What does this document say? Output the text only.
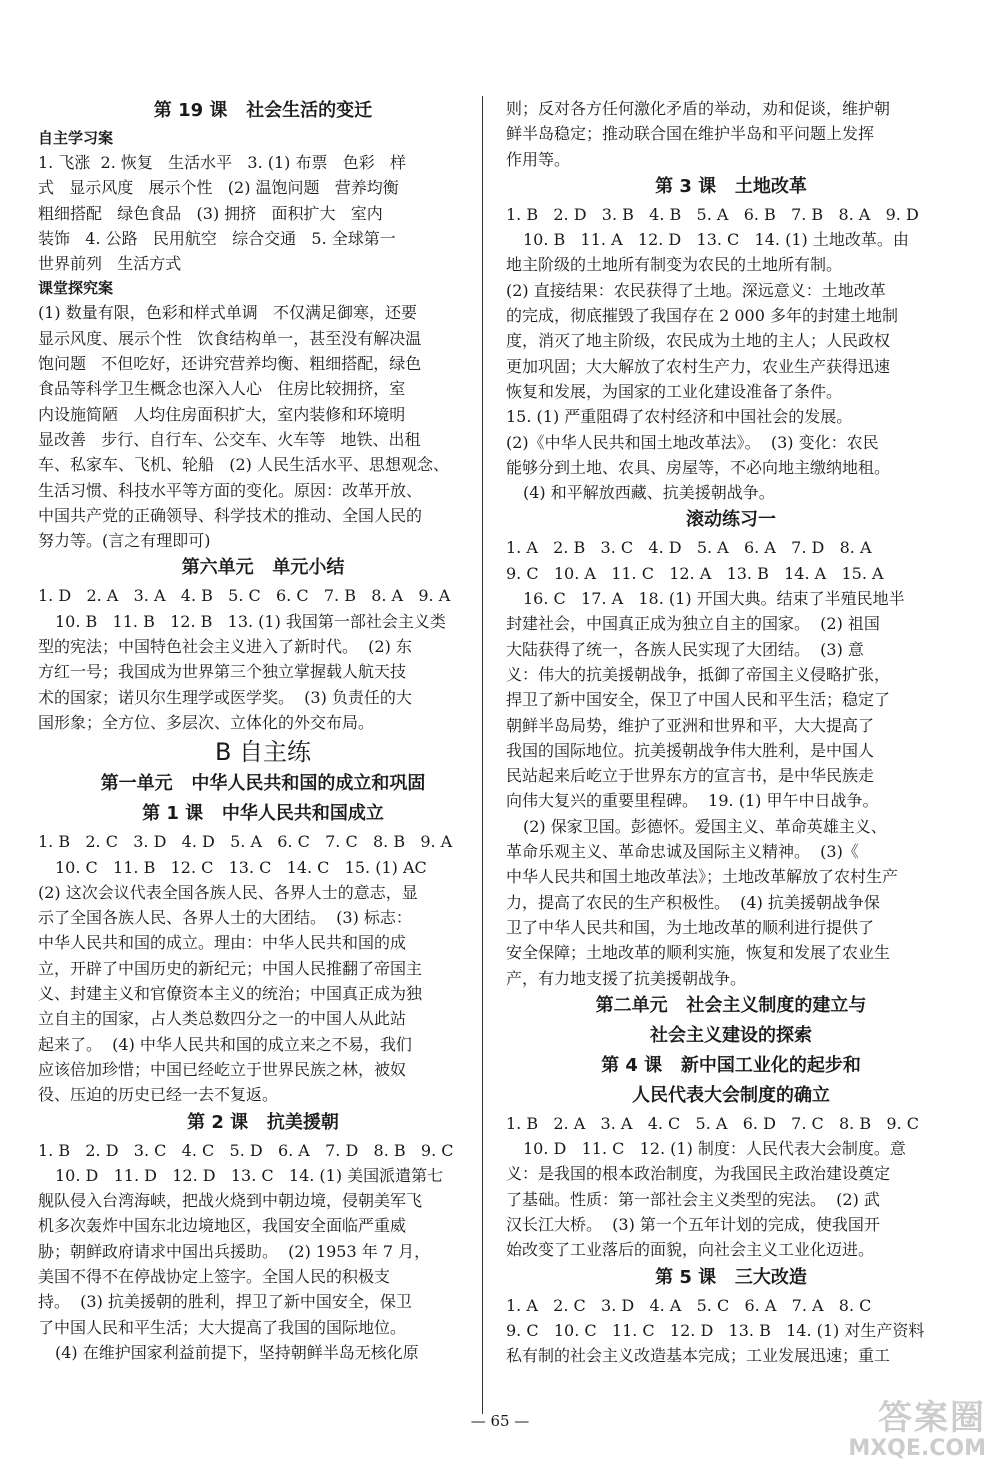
第 19 课   社会生活的变迁
自主学习案
1. 飞涨  2. 恢复   生活水平   3. (1) 布票   色彩   样
式   显示风度   展示个性   (2) 温饱问题   营养均衡
粗细搭配   绿色食品   (3) 拥挤   面积扩大   室内
装饰   4. 公路   民用航空   综合交通   5. 全球第一
世界前列   生活方式
课堂探究案
(1) 数量有限，色彩和样式单调   不仅满足御寒，还要
显示风度、展示个性   饮食结构单一，甚至没有解决温
饱问题   不但吃好，还讲究营养均衡、粗细搭配，绿色
食品等科学卫生概念也深入人心   住房比较拥挤，室
内设施简陋   人均住房面积扩大，室内装修和环境明
显改善   步行、自行车、公交车、火车等   地铁、出租
车、私家车、飞机、轮船   (2) 人民生活水平、思想观念、
生活习惯、科技水平等方面的变化。原因：改革开放、
中国共产党的正确领导、科学技术的推动、全国人民的
努力等。(言之有理即可)
第六单元   单元小结
1. D   2. A   3. A   4. B   5. C   6. C   7. B   8. A   9. A
10. B   11. B   12. B   13. (1) 我国第一部社会主义类
型的宪法；中国特色社会主义进入了新时代。  (2) 东
方红一号；我国成为世界第三个独立掌握载人航天技
术的国家；诺贝尔生理学或医学奖。  (3) 负责任的大
国形象；全方位、多层次、立体化的外交布局。
B 自主练
第一单元   中华人民共和国的成立和巩固
第 1 课   中华人民共和国成立
1. B   2. C   3. D   4. D   5. A   6. C   7. C   8. B   9. A
10. C   11. B   12. C   13. C   14. C   15. (1) AC
(2) 这次会议代表全国各族人民、各界人士的意志，显
示了全国各族人民、各界人士的大团结。  (3) 标志：
中华人民共和国的成立。理由：中华人民共和国的成
立，开辟了中国历史的新纪元；中国人民推翻了帝国主
义、封建主义和官僚资本主义的统治；中国真正成为独
立自主的国家，占人类总数四分之一的中国人从此站
起来了。  (4) 中华人民共和国的成立来之不易，我们
应该倍加珍惜；中国已经屹立于世界民族之林，被奴
役、压迫的历史已经一去不复返。
第 2 课   抗美援朝
1. B   2. D   3. C   4. C   5. D   6. A   7. D   8. B   9. C
10. D   11. D   12. D   13. C   14. (1) 美国派遣第七
舰队侵入台湾海峡，把战火烧到中朝边境，侵朝美军飞
机多次轰炸中国东北边境地区，我国安全面临严重威
胁；朝鲜政府请求中国出兵援助。  (2) 1953 年 7 月，
美国不得不在停战协定上签字。全国人民的积极支
持。  (3) 抗美援朝的胜利，捍卫了新中国安全，保卫
了中国人民和平生活；大大提高了我国的国际地位。
(4) 在维护国家利益前提下，坚持朝鲜半岛无核化原
则；反对各方任何激化矛盾的举动，劝和促谈，维护朝
鲜半岛稳定；推动联合国在维护半岛和平问题上发挥
作用等。
第 3 课   土地改革
1. B   2. D   3. B   4. B   5. A   6. B   7. B   8. A   9. D
10. B   11. A   12. D   13. C   14. (1) 土地改革。由
地主阶级的土地所有制变为农民的土地所有制。
(2) 直接结果：农民获得了土地。深远意义：土地改革
的完成，彻底摧毁了我国存在 2 000 多年的封建土地制
度，消灭了地主阶级，农民成为土地的主人；人民政权
更加巩固；大大解放了农村生产力，农业生产获得迅速
恢复和发展，为国家的工业化建设准备了条件。
15. (1) 严重阻碍了农村经济和中国社会的发展。
(2)《中华人民共和国土地改革法》。  (3) 变化：农民
能够分到土地、农具、房屋等，不必向地主缴纳地租。
(4) 和平解放西藏、抗美援朝战争。
滚动练习一
1. A   2. B   3. C   4. D   5. A   6. A   7. D   8. A
9. C   10. A   11. C   12. A   13. B   14. A   15. A
16. C   17. A   18. (1) 开国大典。结束了半殖民地半
封建社会，中国真正成为独立自主的国家。  (2) 祖国
大陆获得了统一，各族人民实现了大团结。  (3) 意
义：伟大的抗美援朝战争，抵御了帝国主义侵略扩张，
捍卫了新中国安全，保卫了中国人民和平生活；稳定了
朝鲜半岛局势，维护了亚洲和世界和平，大大提高了
我国的国际地位。抗美援朝战争伟大胜利，是中国人
民站起来后屹立于世界东方的宣言书，是中华民族走
向伟大复兴的重要里程碑。  19. (1) 甲午中日战争。
(2) 保家卫国。彭德怀。爱国主义、革命英雄主义、
革命乐观主义、革命忠诚及国际主义精神。  (3)《
中华人民共和国土地改革法》；土地改革解放了农村生产
力，提高了农民的生产积极性。  (4) 抗美援朝战争保
卫了中华人民共和国，为土地改革的顺利进行提供了
安全保障；土地改革的顺利实施，恢复和发展了农业生
产，有力地支援了抗美援朝战争。
第二单元   社会主义制度的建立与
社会主义建设的探索
第 4 课   新中国工业化的起步和
人民代表大会制度的确立
1. B   2. A   3. A   4. C   5. A   6. D   7. C   8. B   9. C
10. D   11. C   12. (1) 制度：人民代表大会制度。意
义：是我国的根本政治制度，为我国民主政治建设奠定
了基础。性质：第一部社会主义类型的宪法。  (2) 武
汉长江大桥。  (3) 第一个五年计划的完成，使我国开
始改变了工业落后的面貌，向社会主义工业化迈进。
第 5 课   三大改造
1. A   2. C   3. D   4. A   5. C   6. A   7. A   8. C
9. C   10. C   11. C   12. D   13. B   14. (1) 对生产资料
私有制的社会主义改造基本完成；工业发展迅速；重工
— 65 —	答案圈
MXQE.COM
